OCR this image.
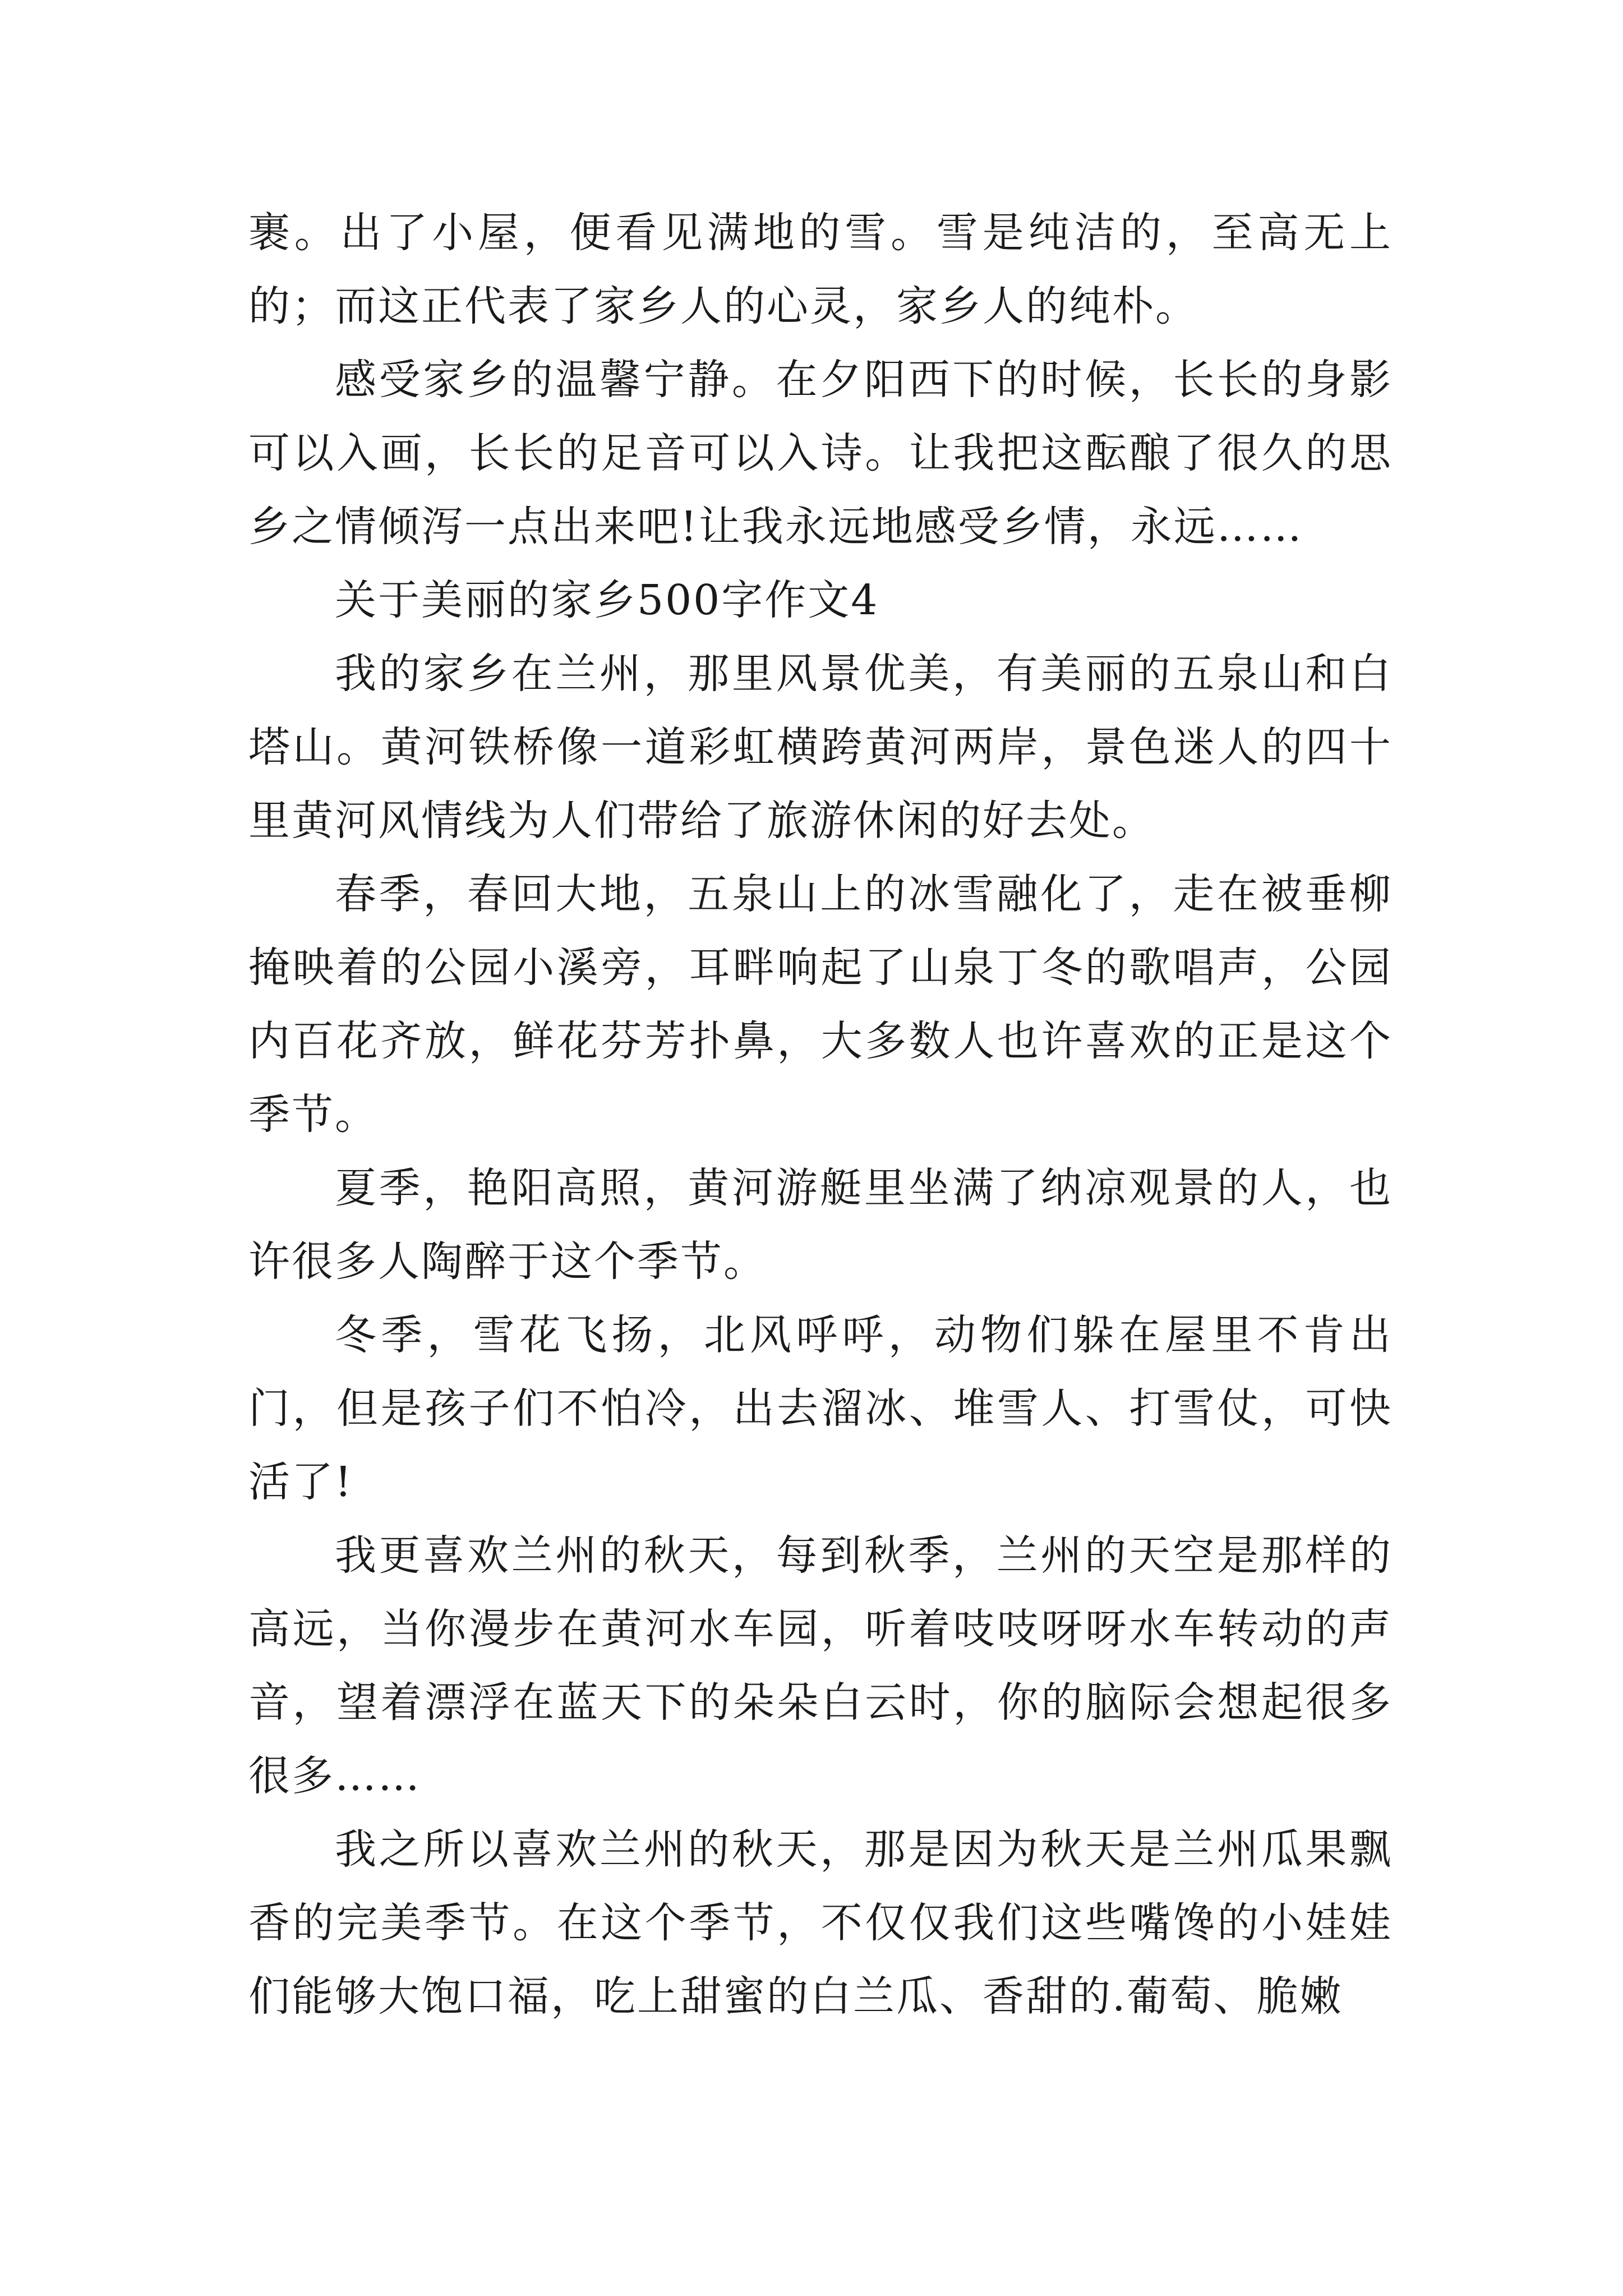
裹。出了小屋，便看见满地的雪。雪是纯洁的，至高无上的；而这正代表了家乡人的心灵，家乡人的纯朴。

感受家乡的温馨宁静。在夕阳西下的时候，长长的身影可以入画，长长的足音可以入诗。让我把这酝酿了很久的思乡之情倾泻一点出来吧!让我永远地感受乡情，永远……

关于美丽的家乡500字作文4

我的家乡在兰州，那里风景优美，有美丽的五泉山和白塔山。黄河铁桥像一道彩虹横跨黄河两岸，景色迷人的四十里黄河风情线为人们带给了旅游休闲的好去处。

春季，春回大地，五泉山上的冰雪融化了，走在被垂柳掩映着的公园小溪旁，耳畔响起了山泉丁冬的歌唱声，公园内百花齐放，鲜花芬芳扑鼻，大多数人也许喜欢的正是这个季节。

夏季，艳阳高照，黄河游艇里坐满了纳凉观景的人，也许很多人陶醉于这个季节。

冬季，雪花飞扬，北风呼呼，动物们躲在屋里不肯出门，但是孩子们不怕冷，出去溜冰、堆雪人、打雪仗，可快活了!

我更喜欢兰州的秋天，每到秋季，兰州的天空是那样的高远，当你漫步在黄河水车园，听着吱吱呀呀水车转动的声音，望着漂浮在蓝天下的朵朵白云时，你的脑际会想起很多很多……

我之所以喜欢兰州的秋天，那是因为秋天是兰州瓜果飘香的完美季节。在这个季节，不仅仅我们这些嘴馋的小娃娃们能够大饱口福，吃上甜蜜的白兰瓜、香甜的.葡萄、脆嫩
